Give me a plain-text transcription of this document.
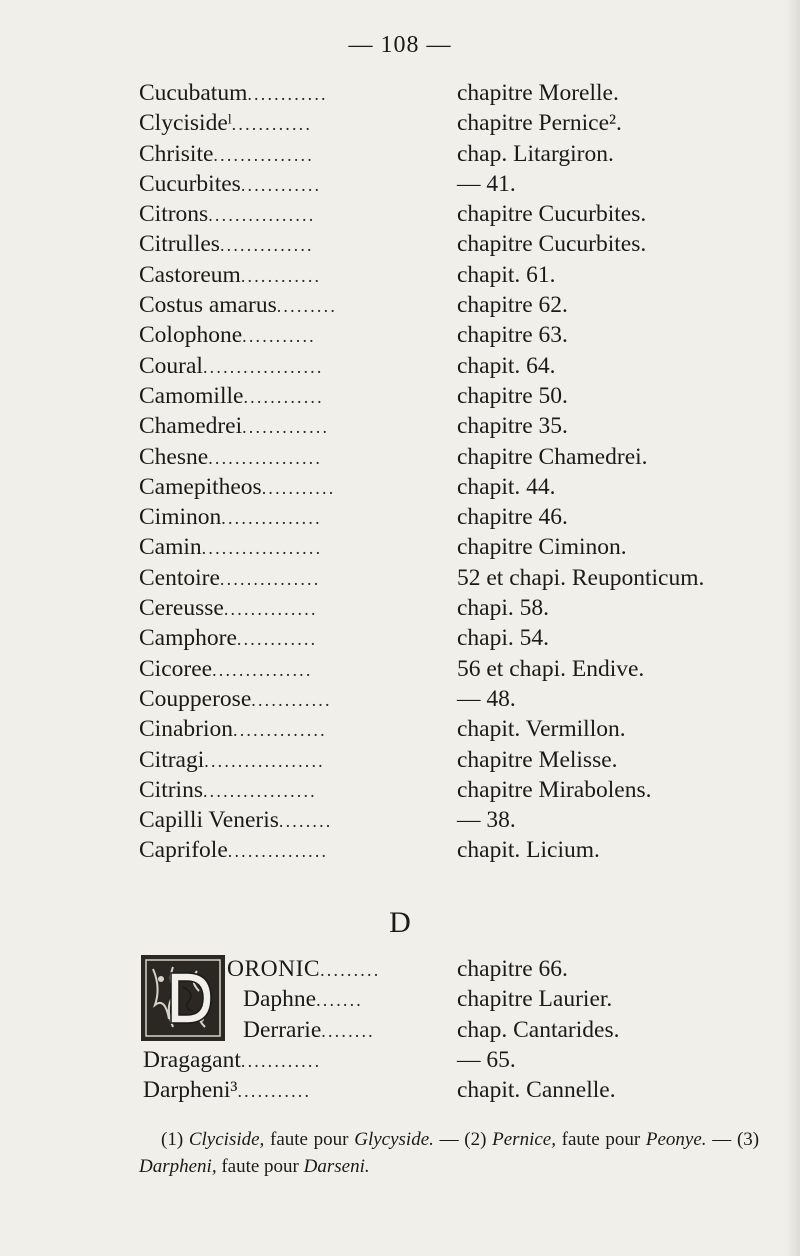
— 108 —
Cucubatum ............	chapitre Morelle.
Clycisideˡ ............	chapitre Pernice².
Chrisite ...............	chap. Litargiron.
Cucurbites ............	— 41.
Citrons ................	chapitre Cucurbites.
Citrulles ..............	chapitre Cucurbites.
Castoreum ............	chapit. 61.
Costus amarus .........	chapitre 62.
Colophone ...........	chapitre 63.
Coural ..................	chapit. 64.
Camomille ............	chapitre 50.
Chamedrei .............	chapitre 35.
Chesne .................	chapitre Chamedrei.
Camepitheos ...........	chapit. 44.
Ciminon ...............	chapitre 46.
Camin ..................	chapitre Ciminon.
Centoire ...............	52 et chapi. Reuponticum.
Cereusse ..............	chapi. 58.
Camphore ............	chapi. 54.
Cicoree ...............	56 et chapi. Endive.
Coupperose ............	— 48.
Cinabrion ..............	chapit. Vermillon.
Citragi ..................	chapitre Melisse.
Citrins .................	chapitre Mirabolens.
Capilli Veneris ........	— 38.
Caprifole ...............	chapit. Licium.
D
ORONIC .........	chapitre 66.
Daphne .......	chapitre Laurier.
Derrarie ........	chap. Cantarides.
Dragagant ............	— 65.
Darpheni³ ...........	chapit. Cannelle.
(1) Clyciside, faute pour Glycyside. — (2) Pernice, faute pour Peonye. — (3) Darpheni, faute pour Darseni.
